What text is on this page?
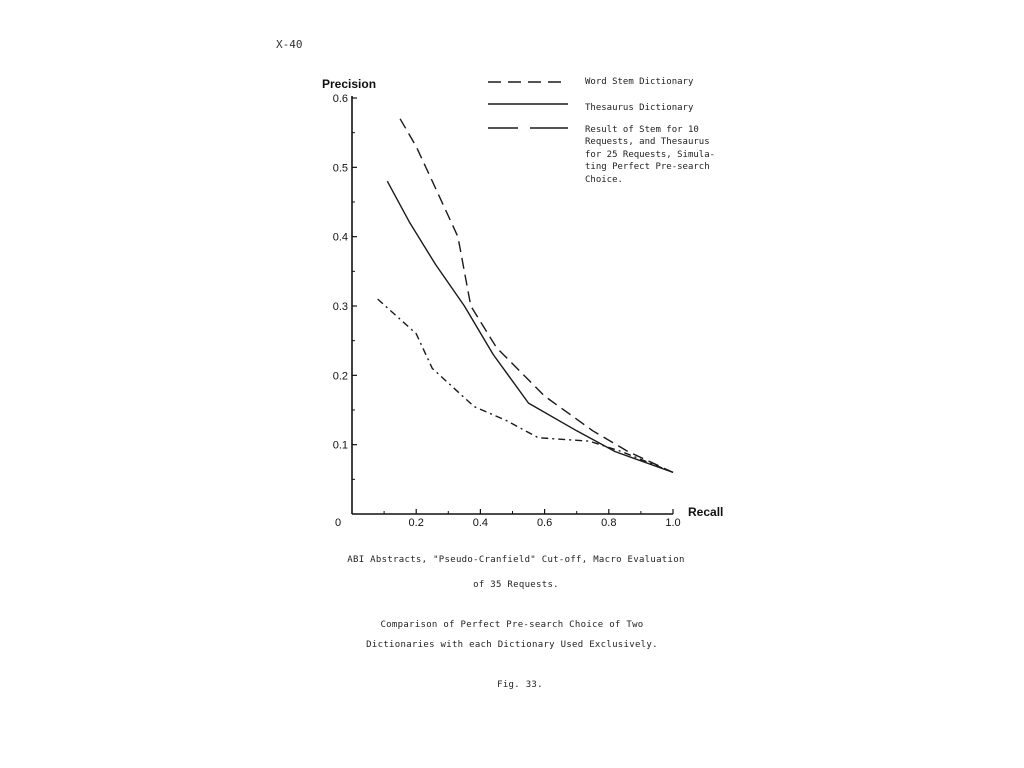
X-40
0	0.2	0.4	0.6	0.8	1.0
0.1
0.2
0.3
0.4
0.5
0.6
Precision
Recall
Word Stem Dictionary
Thesaurus Dictionary
Result of Stem for 10
Requests, and Thesaurus
for 25 Requests, Simula-
ting Perfect Pre-search
Choice.
ABI Abstracts, "Pseudo-Cranfield" Cut-off, Macro Evaluation
of 35 Requests.
Comparison of Perfect Pre-search Choice of Two
Dictionaries with each Dictionary Used Exclusively.
Fig. 33.
